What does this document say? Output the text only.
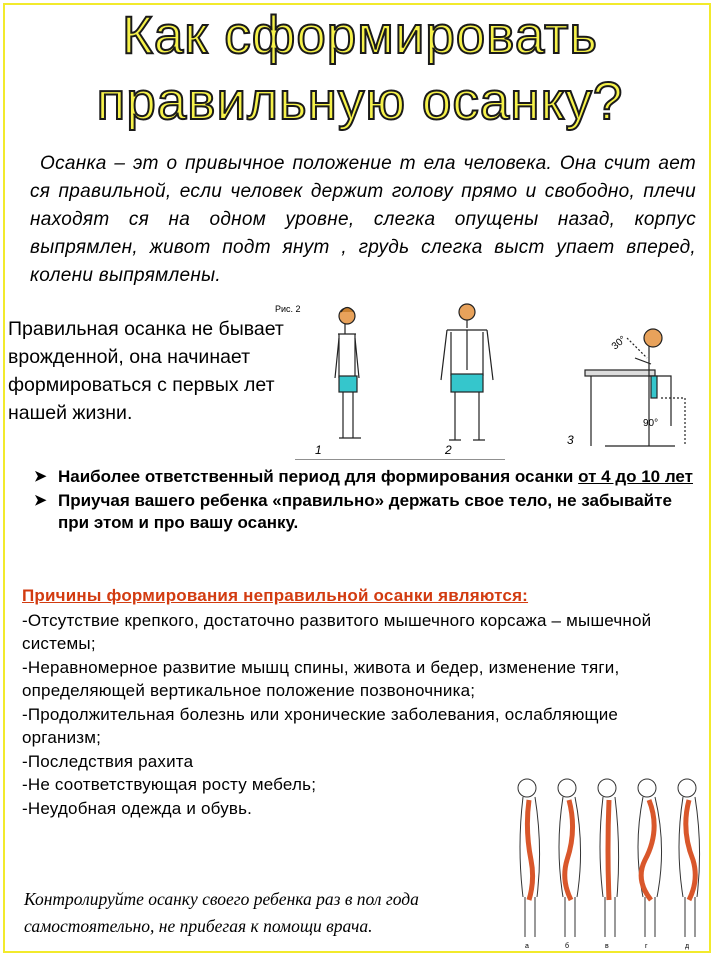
Как сформировать
правильную осанку?
Осанка – эт о привычное положение т ела человека. Она счит ает ся правильной, если человек держит голову прямо и свободно, плечи находят ся на одном уровне, слегка опущены назад, корпус выпрямлен, живот подт янут , грудь слегка выст упает вперед, колени выпрямлены.
Правильная осанка не бывает врожденной, она начинает формироваться с первых лет нашей жизни.
Рис. 2
30°
90°
1	2
3
➤ Наиболее ответственный период для формирования осанки от 4 до 10 лет
➤ Приучая вашего ребенка «правильно» держать свое тело, не забывайте при этом и про вашу осанку.
Причины формирования неправильной осанки являются:
-Отсутствие крепкого, достаточно развитого мышечного корсажа – мышечной системы;
-Неравномерное развитие мышц спины, живота и бедер, изменение тяги, определяющей вертикальное положение позвоночника;
-Продолжительная болезнь или хронические заболевания, ослабляющие организм;
-Последствия рахита
-Не соответствующая росту мебель;
-Неудобная одежда и обувь.
Контролируйте осанку своего ребенка раз в пол года самостоятельно, не прибегая к помощи врача.
а	б	в	г	д
